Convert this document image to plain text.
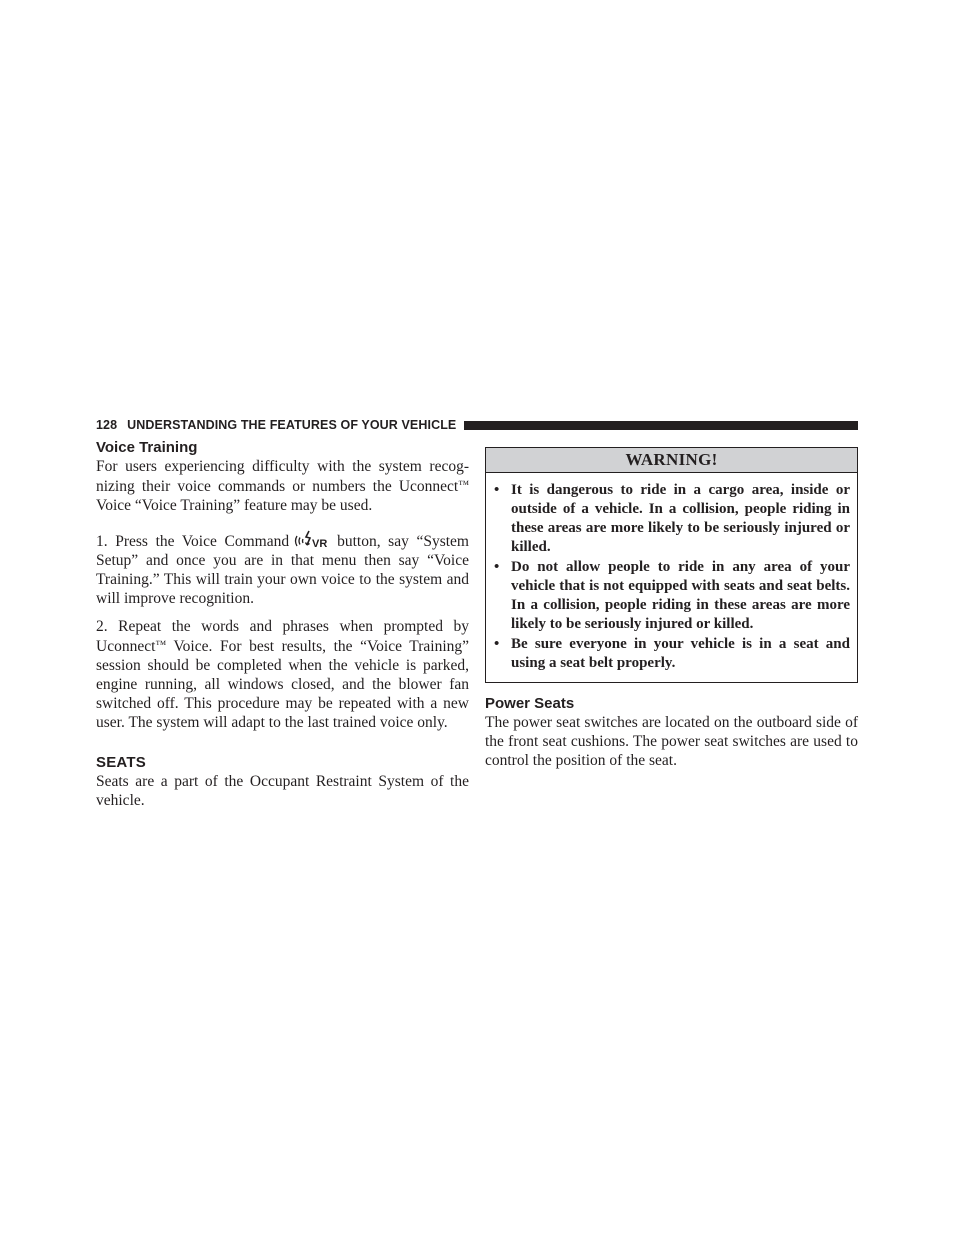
128 UNDERSTANDING THE FEATURES OF YOUR VEHICLE
Voice Training

For users experiencing difficulty with the system recog-nizing their voice commands or numbers the Uconnect™ Voice “Voice Training” feature may be used.

1. Press the Voice Command VR button, say “System Setup” and once you are in that menu then say “Voice Training.” This will train your own voice to the system and will improve recognition.

2. Repeat the words and phrases when prompted by Uconnect™ Voice. For best results, the “Voice Training” session should be completed when the vehicle is parked, engine running, all windows closed, and the blower fan switched off. This procedure may be repeated with a new user. The system will adapt to the last trained voice only.

SEATS

Seats are a part of the Occupant Restraint System of the vehicle.

WARNING!
• It is dangerous to ride in a cargo area, inside or outside of a vehicle. In a collision, people riding in these areas are more likely to be seriously injured or killed.
• Do not allow people to ride in any area of your vehicle that is not equipped with seats and seat belts. In a collision, people riding in these areas are more likely to be seriously injured or killed.
• Be sure everyone in your vehicle is in a seat and using a seat belt properly.
Power Seats

The power seat switches are located on the outboard side of the front seat cushions. The power seat switches are used to control the position of the seat.
